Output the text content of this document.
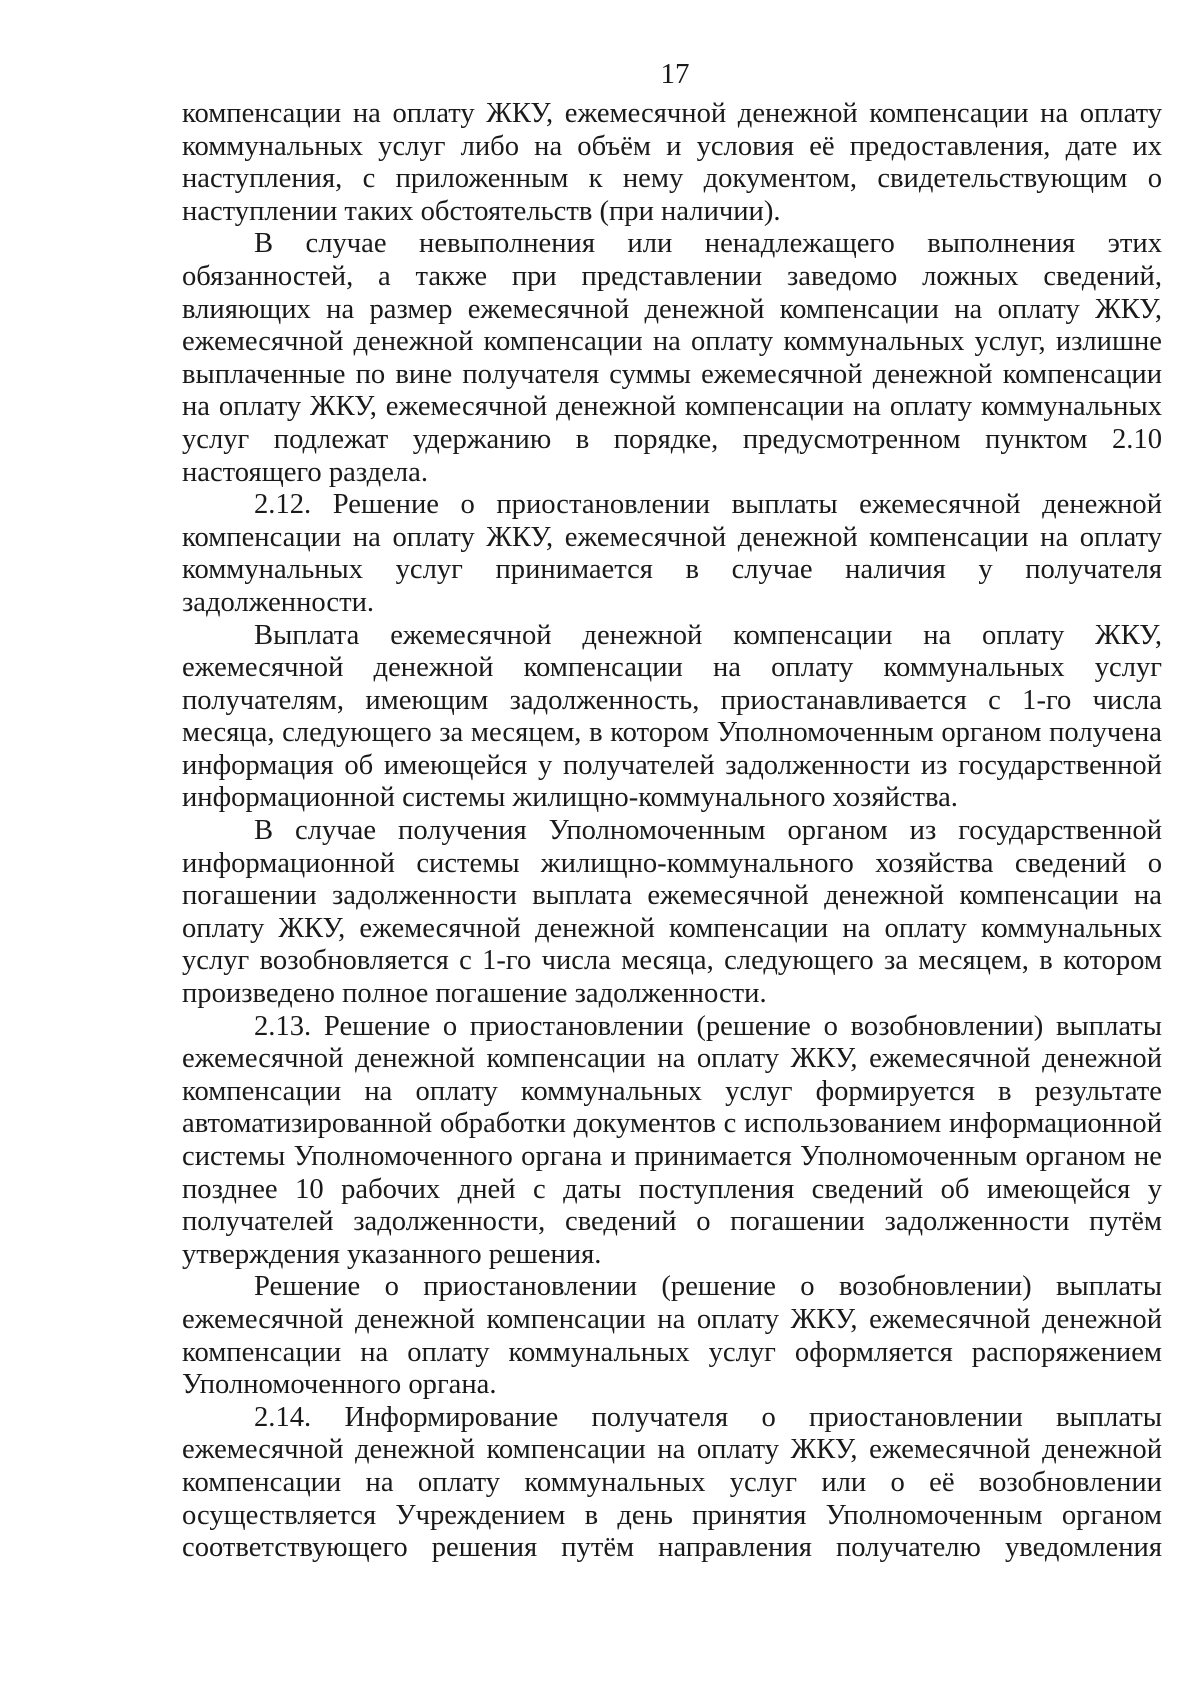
17

компенсации на оплату ЖКУ, ежемесячной денежной компенсации на оплату коммунальных услуг либо на объём и условия её предоставления, дате их наступления, с приложенным к нему документом, свидетельствующим о наступлении таких обстоятельств (при наличии).

В случае невыполнения или ненадлежащего выполнения этих обязанностей, а также при представлении заведомо ложных сведений, влияющих на размер ежемесячной денежной компенсации на оплату ЖКУ, ежемесячной денежной компенсации на оплату коммунальных услуг, излишне выплаченные по вине получателя суммы ежемесячной денежной компенсации на оплату ЖКУ, ежемесячной денежной компенсации на оплату коммунальных услуг подлежат удержанию в порядке, предусмотренном пунктом 2.10 настоящего раздела.

2.12. Решение о приостановлении выплаты ежемесячной денежной компенсации на оплату ЖКУ, ежемесячной денежной компенсации на оплату коммунальных услуг принимается в случае наличия у получателя задолженности.

Выплата ежемесячной денежной компенсации на оплату ЖКУ, ежемесячной денежной компенсации на оплату коммунальных услуг получателям, имеющим задолженность, приостанавливается с 1-го числа месяца, следующего за месяцем, в котором Уполномоченным органом получена информация об имеющейся у получателей задолженности из государственной информационной системы жилищно-коммунального хозяйства.

В случае получения Уполномоченным органом из государственной информационной системы жилищно-коммунального хозяйства сведений о погашении задолженности выплата ежемесячной денежной компенсации на оплату ЖКУ, ежемесячной денежной компенсации на оплату коммунальных услуг возобновляется с 1-го числа месяца, следующего за месяцем, в котором произведено полное погашение задолженности.

2.13. Решение о приостановлении (решение о возобновлении) выплаты ежемесячной денежной компенсации на оплату ЖКУ, ежемесячной денежной компенсации на оплату коммунальных услуг формируется в результате автоматизированной обработки документов с использованием информационной системы Уполномоченного органа и принимается Уполномоченным органом не позднее 10 рабочих дней с даты поступления сведений об имеющейся у получателей задолженности, сведений о погашении задолженности путём утверждения указанного решения.

Решение о приостановлении (решение о возобновлении) выплаты ежемесячной денежной компенсации на оплату ЖКУ, ежемесячной денежной компенсации на оплату коммунальных услуг оформляется распоряжением Уполномоченного органа.

2.14. Информирование получателя о приостановлении выплаты ежемесячной денежной компенсации на оплату ЖКУ, ежемесячной денежной компенсации на оплату коммунальных услуг или о её возобновлении осуществляется Учреждением в день принятия Уполномоченным органом соответствующего решения путём направления получателю уведомления
